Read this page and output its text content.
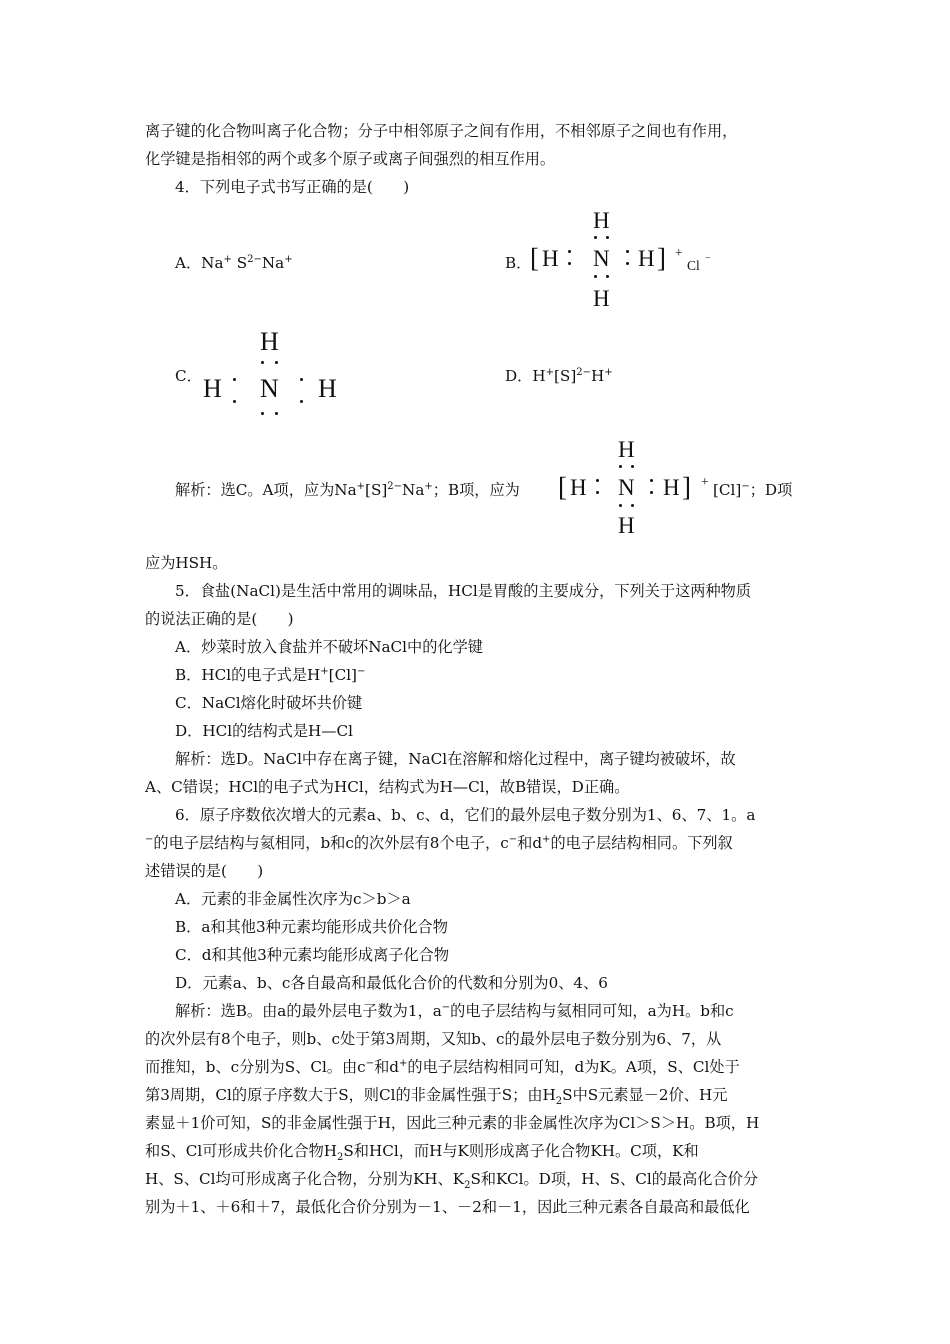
离子键的化合物叫离子化合物；分子中相邻原子之间有作用，不相邻原子之间也有作用，
化学键是指相邻的两个或多个原子或离子间强烈的相互作用。
4．下列电子式书写正确的是(　　)
A．Na+ $S^{2-}Na^+$	B．
[ H N H ] +
Cl −
H
H
C．
H
H N H	D．$H^+[S]^{2-}H^+$
解析：选C。A项，应为$Na^+[S]^{2-}Na^+$；B项，应为 [ H N H ] +
H
H
[Cl]−；D项
应为HSH。
5．食盐(NaCl)是生活中常用的调味品，HCl是胃酸的主要成分，下列关于这两种物质
的说法正确的是(　　)
A．炒菜时放入食盐并不破坏NaCl中的化学键
B．HCl的电子式是H+[Cl]−
C．NaCl熔化时破坏共价键
D．HCl的结构式是H—Cl
解析：选D。NaCl中存在离子键，NaCl在溶解和熔化过程中，离子键均被破坏，故
A、C错误；HCl的电子式为HCl，结构式为H—Cl，故B错误，D正确。
6．原子序数依次增大的元素a、b、c、d，它们的最外层电子数分别为1、6、7、1。a
−的电子层结构与氦相同，b和c的次外层有8个电子，c−和d+的电子层结构相同。下列叙
述错误的是(　　)
A．元素的非金属性次序为c＞b＞a
B．a和其他3种元素均能形成共价化合物
C．d和其他3种元素均能形成离子化合物
D．元素a、b、c各自最高和最低化合价的代数和分别为0、4、6
解析：选B。由a的最外层电子数为1，a−的电子层结构与氦相同可知，a为H。b和c
的次外层有8个电子，则b、c处于第3周期，又知b、c的最外层电子数分别为6、7，从
而推知，b、c分别为S、Cl。由c−和d+的电子层结构相同可知，d为K。A项，S、Cl处于
第3周期，Cl的原子序数大于S，则Cl的非金属性强于S；由$H_2S$中S元素显－2价、H元
素显＋1价可知，S的非金属性强于H，因此三种元素的非金属性次序为Cl＞S＞H。B项，H
和S、Cl可形成共价化合物$H_2S$和HCl，而H与K则形成离子化合物KH。C项，K和
H、S、Cl均可形成离子化合物，分别为KH、$K_2S$和KCl。D项，H、S、Cl的最高化合价分
别为＋1、＋6和＋7，最低化合价分别为－1、－2和－1，因此三种元素各自最高和最低化
